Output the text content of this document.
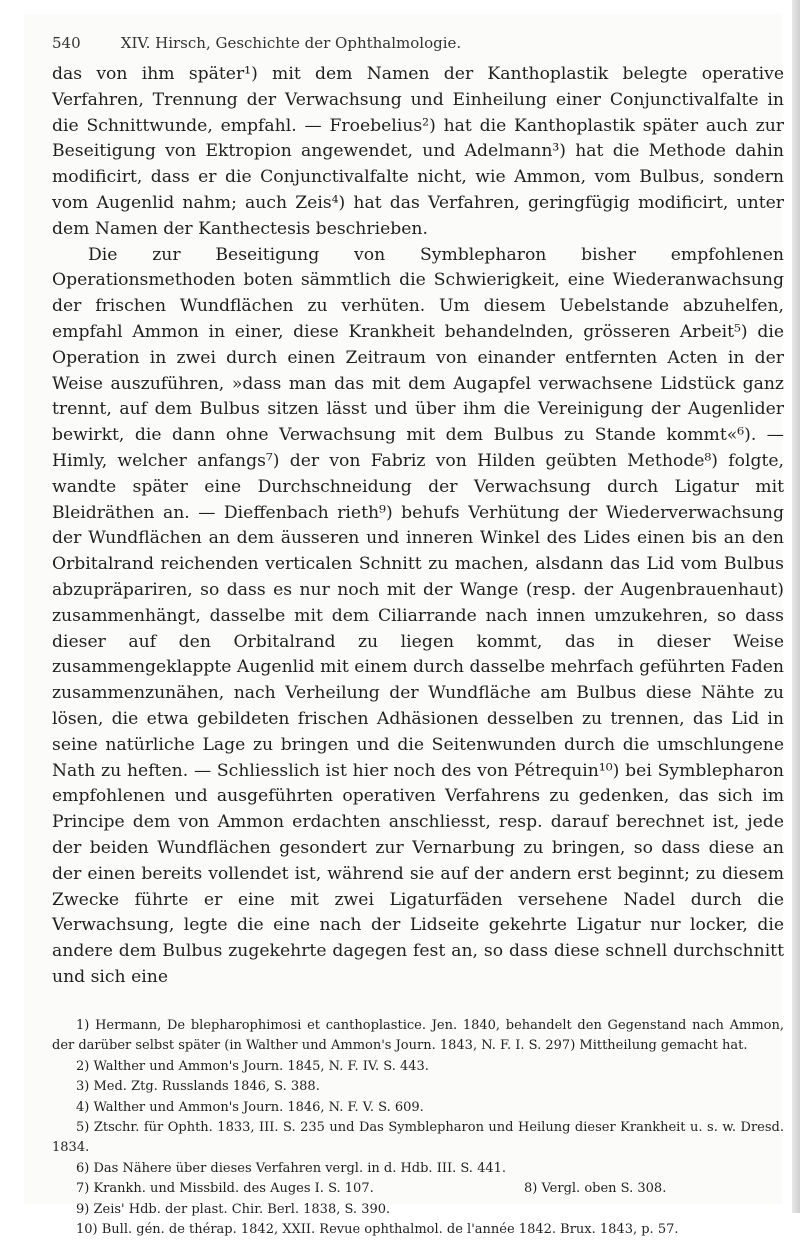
540	XIV. Hirsch, Geschichte der Ophthalmologie.

das von ihm später¹) mit dem Namen der Kanthoplastik belegte operative Verfahren, Trennung der Verwachsung und Einheilung einer Conjunctivalfalte in die Schnittwunde, empfahl. — Froebelius²) hat die Kanthoplastik später auch zur Beseitigung von Ektropion angewendet, und Adelmann³) hat die Methode dahin modificirt, dass er die Conjunctivalfalte nicht, wie Ammon, vom Bulbus, sondern vom Augenlid nahm; auch Zeis⁴) hat das Verfahren, geringfügig modificirt, unter dem Namen der Kanthectesis beschrieben.

Die zur Beseitigung von Symblepharon bisher empfohlenen Operationsmethoden boten sämmtlich die Schwierigkeit, eine Wiederanwachsung der frischen Wundflächen zu verhüten. Um diesem Uebelstande abzuhelfen, empfahl Ammon in einer, diese Krankheit behandelnden, grösseren Arbeit⁵) die Operation in zwei durch einen Zeitraum von einander entfernten Acten in der Weise auszuführen, »dass man das mit dem Augapfel verwachsene Lidstück ganz trennt, auf dem Bulbus sitzen lässt und über ihm die Vereinigung der Augenlider bewirkt, die dann ohne Verwachsung mit dem Bulbus zu Stande kommt«⁶). — Himly, welcher anfangs⁷) der von Fabriz von Hilden geübten Methode⁸) folgte, wandte später eine Durchschneidung der Verwachsung durch Ligatur mit Bleidräthen an. — Dieffenbach rieth⁹) behufs Verhütung der Wiederverwachsung der Wundflächen an dem äusseren und inneren Winkel des Lides einen bis an den Orbitalrand reichenden verticalen Schnitt zu machen, alsdann das Lid vom Bulbus abzupräpariren, so dass es nur noch mit der Wange (resp. der Augenbrauenhaut) zusammenhängt, dasselbe mit dem Ciliarrande nach innen umzukehren, so dass dieser auf den Orbitalrand zu liegen kommt, das in dieser Weise zusammengeklappte Augenlid mit einem durch dasselbe mehrfach geführten Faden zusammenzunähen, nach Verheilung der Wundfläche am Bulbus diese Nähte zu lösen, die etwa gebildeten frischen Adhäsionen desselben zu trennen, das Lid in seine natürliche Lage zu bringen und die Seitenwunden durch die umschlungene Nath zu heften. — Schliesslich ist hier noch des von Pétrequin¹⁰) bei Symblepharon empfohlenen und ausgeführten operativen Verfahrens zu gedenken, das sich im Principe dem von Ammon erdachten anschliesst, resp. darauf berechnet ist, jede der beiden Wundflächen gesondert zur Vernarbung zu bringen, so dass diese an der einen bereits vollendet ist, während sie auf der andern erst beginnt; zu diesem Zwecke führte er eine mit zwei Ligaturfäden versehene Nadel durch die Verwachsung, legte die eine nach der Lidseite gekehrte Ligatur nur locker, die andere dem Bulbus zugekehrte dagegen fest an, so dass diese schnell durchschnitt und sich eine

1) Hermann, De blepharophimosi et canthoplastice. Jen. 1840, behandelt den Gegenstand nach Ammon, der darüber selbst später (in Walther und Ammon's Journ. 1843, N. F. I. S. 297) Mittheilung gemacht hat.

2) Walther und Ammon's Journ. 1845, N. F. IV. S. 443.

3) Med. Ztg. Russlands 1846, S. 388.

4) Walther und Ammon's Journ. 1846, N. F. V. S. 609.

5) Ztschr. für Ophth. 1833, III. S. 235 und Das Symblepharon und Heilung dieser Krankheit u. s. w. Dresd. 1834.

6) Das Nähere über dieses Verfahren vergl. in d. Hdb. III. S. 441.

7) Krankh. und Missbild. des Auges I. S. 107.	8) Vergl. oben S. 308.

9) Zeis' Hdb. der plast. Chir. Berl. 1838, S. 390.

10) Bull. gén. de thérap. 1842, XXII. Revue ophthalmol. de l'année 1842. Brux. 1843, p. 57.
